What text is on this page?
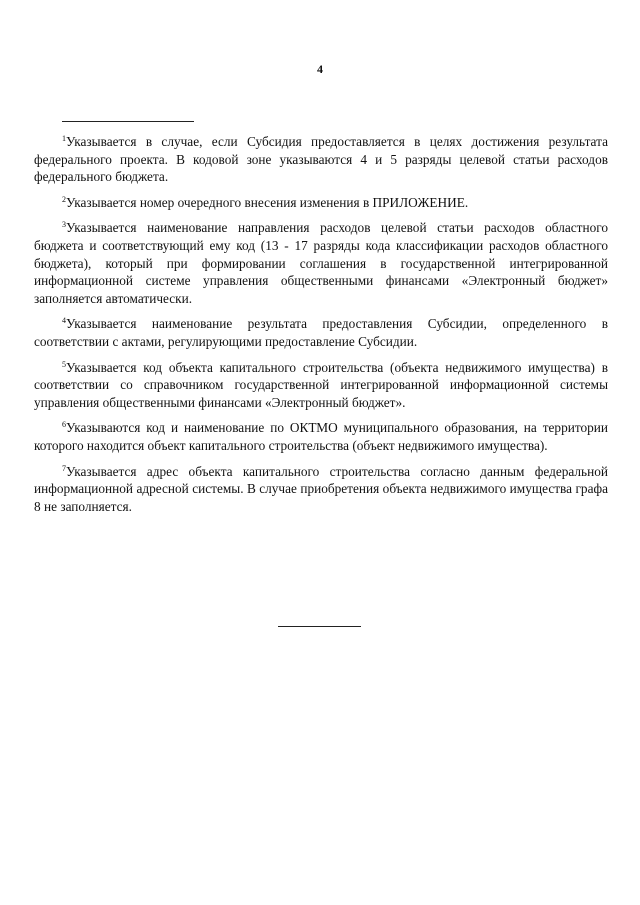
4

$^1$Указывается в случае, если Субсидия предоставляется в целях достижения результата федерального проекта. В кодовой зоне указываются 4 и 5 разряды целевой статьи расходов федерального бюджета.

$^2$Указывается номер очередного внесения изменения в ПРИЛОЖЕНИЕ.

$^3$Указывается наименование направления расходов целевой статьи расходов областного бюджета и соответствующий ему код (13 - 17 разряды кода классификации расходов областного бюджета), который при формировании соглашения в государственной интегрированной информационной системе управления общественными финансами «Электронный бюджет» заполняется автоматически.

$^4$Указывается наименование результата предоставления Субсидии, определенного в соответствии с актами, регулирующими предоставление Субсидии.

$^5$Указывается код объекта капитального строительства (объекта недвижимого имущества) в соответствии со справочником государственной интегрированной информационной системы управления общественными финансами «Электронный бюджет».

$^6$Указываются код и наименование по ОКТМО муниципального образования, на территории которого находится объект капитального строительства (объект недвижимого имущества).

$^7$Указывается адрес объекта капитального строительства согласно данным федеральной информационной адресной системы. В случае приобретения объекта недвижимого имущества графа 8 не заполняется.
